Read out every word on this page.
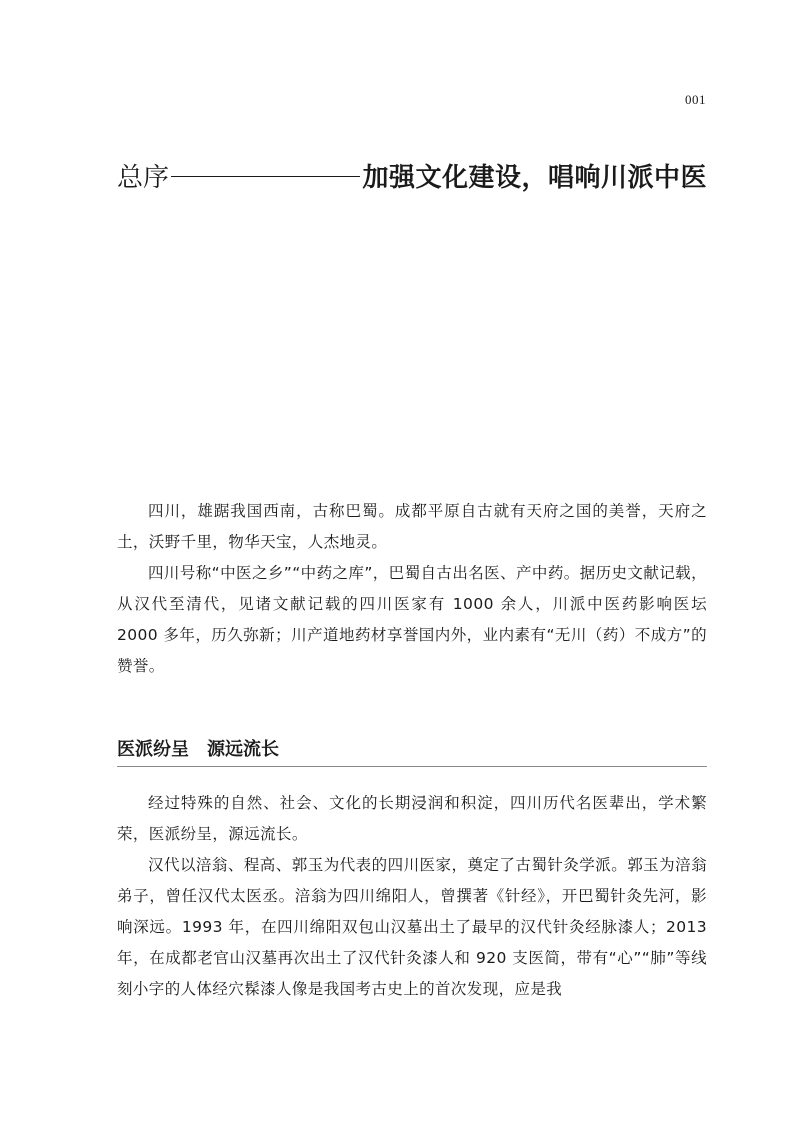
001
总序	加强文化建设，唱响川派中医

四川，雄踞我国西南，古称巴蜀。成都平原自古就有天府之国的美誉，天府之土，沃野千里，物华天宝，人杰地灵。

四川号称“中医之乡”“中药之库”，巴蜀自古出名医、产中药。据历史文献记载，从汉代至清代，见诸文献记载的四川医家有 1000 余人，川派中医药影响医坛 2000 多年，历久弥新；川产道地药材享誉国内外，业内素有“无川（药）不成方”的赞誉。

医派纷呈　源远流长

经过特殊的自然、社会、文化的长期浸润和积淀，四川历代名医辈出，学术繁荣，医派纷呈，源远流长。

汉代以涪翁、程高、郭玉为代表的四川医家，奠定了古蜀针灸学派。郭玉为涪翁弟子，曾任汉代太医丞。涪翁为四川绵阳人，曾撰著《针经》，开巴蜀针灸先河，影响深远。1993 年，在四川绵阳双包山汉墓出土了最早的汉代针灸经脉漆人；2013 年，在成都老官山汉墓再次出土了汉代针灸漆人和 920 支医简，带有“心”“肺”等线刻小字的人体经穴髹漆人像是我国考古史上的首次发现，应是我
